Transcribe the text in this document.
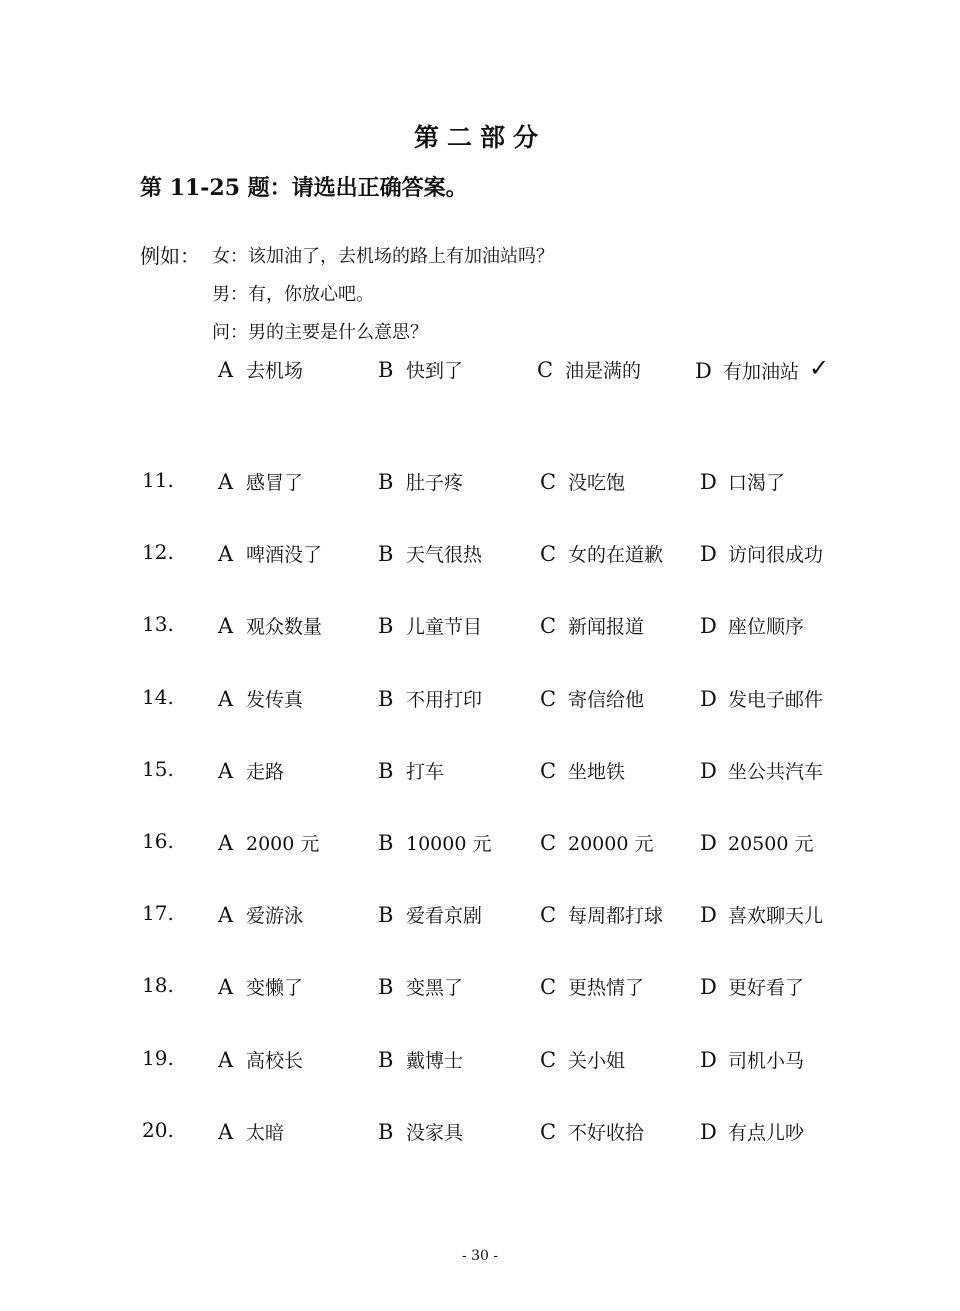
第二部分
第 11-25 题：请选出正确答案。
例如： 女：该加油了，去机场的路上有加油站吗？
男：有，你放心吧。
问：男的主要是什么意思？
A 去机场	B 快到了	C 油是满的	D 有加油站 ✓
11. A 感冒了	B 肚子疼	C 没吃饱	D 口渴了
12. A 啤酒没了	B 天气很热	C 女的在道歉 D 访问很成功
13. A 观众数量	B 儿童节目	C 新闻报道	D 座位顺序
14. A 发传真	B 不用打印	C 寄信给他	D 发电子邮件
15. A 走路	B 打车	C 坐地铁	D 坐公共汽车
16. A 2000 元	B 10000 元 C 20000 元 D 20500 元
17. A 爱游泳	B 爱看京剧	C 每周都打球 D 喜欢聊天儿
18. A 变懒了	B 变黑了	C 更热情了	D 更好看了
19. A 高校长	B 戴博士	C 关小姐	D 司机小马
20. A 太暗	B 没家具	C 不好收拾	D 有点儿吵
- 30 -
